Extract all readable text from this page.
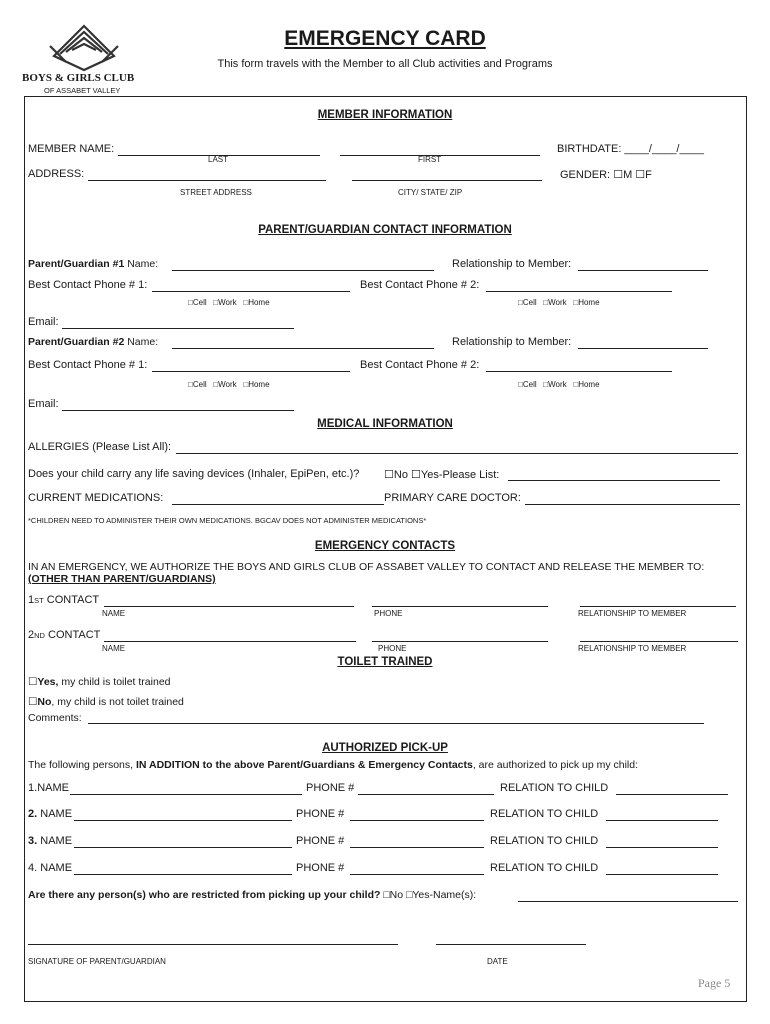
BOYS & GIRLS CLUB
OF ASSABET VALLEY
EMERGENCY CARD
This form travels with the Member to all Club activities and Programs
MEMBER INFORMATION
MEMBER NAME:
LAST	FIRST
BIRTHDATE: ____/____/____
ADDRESS:
STREET ADDRESS	CITY/ STATE/ ZIP
GENDER: ☐M ☐F
PARENT/GUARDIAN CONTACT INFORMATION
Parent/Guardian #1 Name:	Relationship to Member:
Best Contact Phone # 1:	Best Contact Phone # 2:
□Cell □Work □Home	□Cell □Work □Home
Email:
Parent/Guardian #2 Name:	Relationship to Member:
Best Contact Phone # 1:	Best Contact Phone # 2:
□Cell □Work □Home	□Cell □Work □Home
Email:
MEDICAL INFORMATION
ALLERGIES (Please List All):
Does your child carry any life saving devices (Inhaler, EpiPen, etc.)? ☐No ☐Yes-Please List:
CURRENT MEDICATIONS:	PRIMARY CARE DOCTOR:
*CHILDREN NEED TO ADMINISTER THEIR OWN MEDICATIONS. BGCAV DOES NOT ADMINISTER MEDICATIONS*
EMERGENCY CONTACTS
IN AN EMERGENCY, WE AUTHORIZE THE BOYS AND GIRLS CLUB OF ASSABET VALLEY TO CONTACT AND RELEASE THE MEMBER TO:
(OTHER THAN PARENT/GUARDIANS)
1ST CONTACT
NAME	PHONE	RELATIONSHIP TO MEMBER
2ND CONTACT
NAME	PHONE	RELATIONSHIP TO MEMBER
TOILET TRAINED
☐Yes, my child is toilet trained
☐No, my child is not toilet trained
Comments:
AUTHORIZED PICK-UP
The following persons, IN ADDITION to the above Parent/Guardians & Emergency Contacts, are authorized to pick up my child:
1.NAME	PHONE #	RELATION TO CHILD
2. NAME	PHONE #	RELATION TO CHILD
3. NAME	PHONE #	RELATION TO CHILD
4. NAME	PHONE #	RELATION TO CHILD
Are there any person(s) who are restricted from picking up your child? □No □Yes-Name(s):
SIGNATURE OF PARENT/GUARDIAN	DATE
Page 5
